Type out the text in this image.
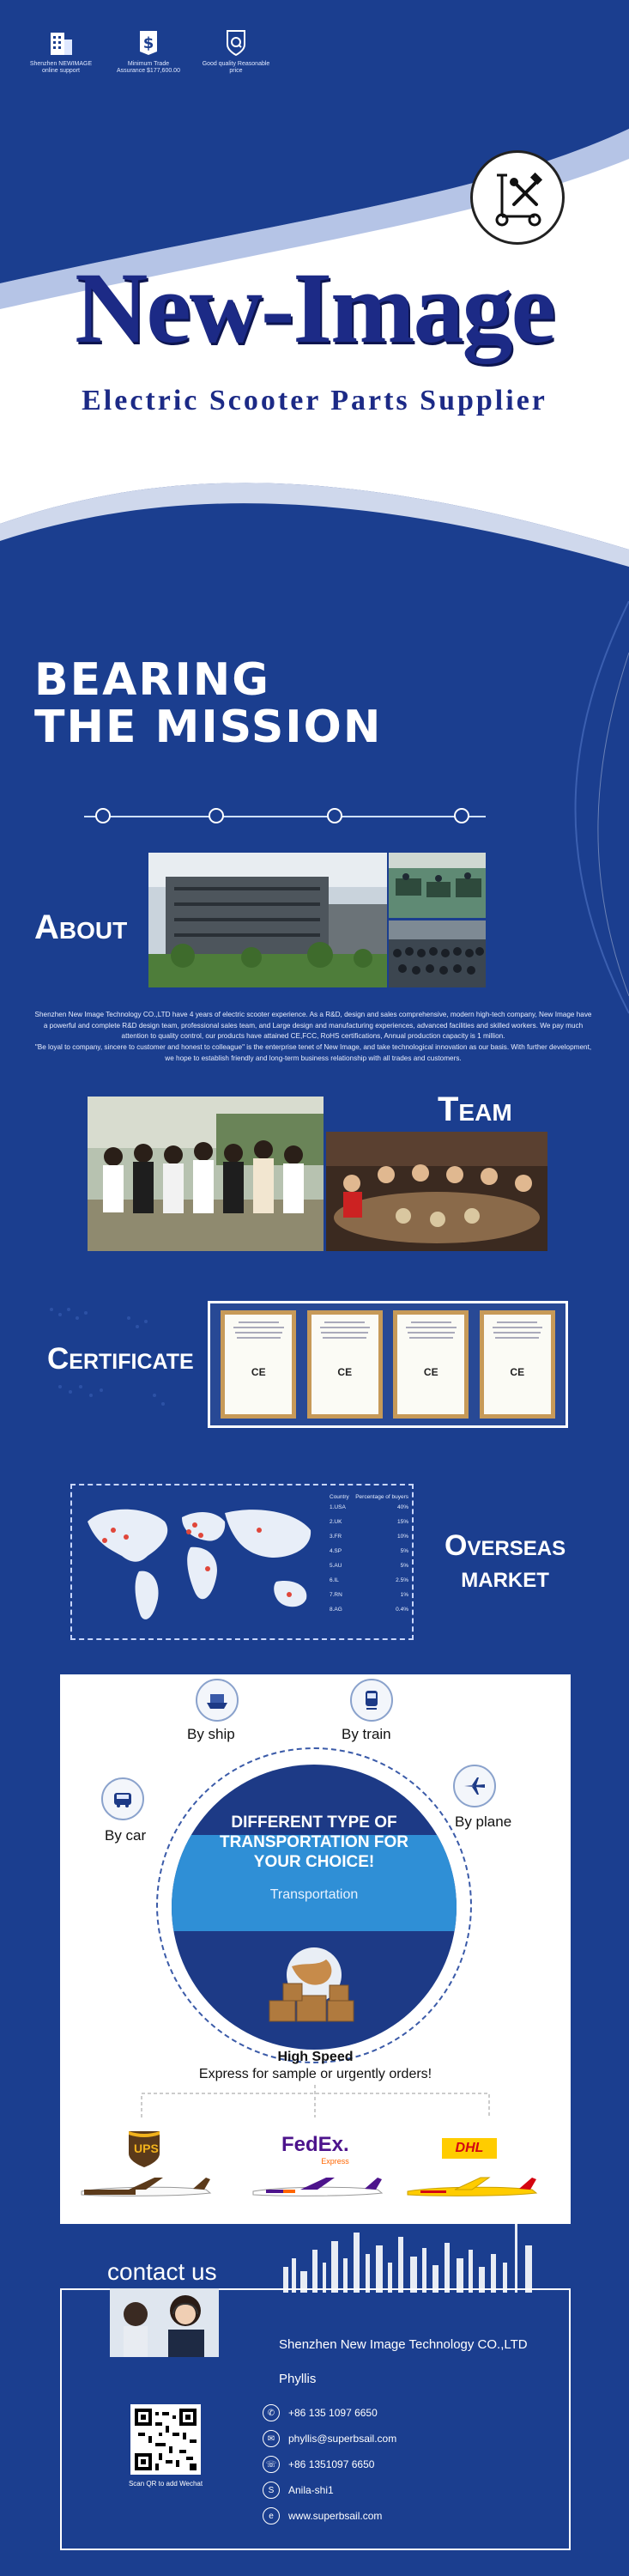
Shenzhen NEWIMAGE online support
$
Minimum Trade Assurance $177,600.00
Good quality Reasonable price
New-Image
Electric Scooter Parts Supplier
BEARING
THE MISSION
About

Shenzhen New Image Technology CO.,LTD have 4 years of electric scooter experience. As a R&D, design and sales comprehensive, modern high-tech company, New Image have a powerful and complete R&D design team, professional sales team, and Large design and manufacturing experiences, advanced facilities and skilled workers. We pay much attention to quality control, our products have attained CE,FCC, RoHS certifications, Annual production capacity is 1 million.

"Be loyal to company, sincere to customer and honest to colleague" is the enterprise tenet of New Image, and take technological innovation as our basis. With further development, we hope to establish friendly and long-term business relationship with all trades and customers.

Team
Certificate	CE	CE	CE	CE
Country Percentage of buyers
1.USA	40%
2.UK	15%
3.FR	10%
4.SP	5%
5.AU	5%
6.IL	2.5%
7.RN	1%
8.AG	0.4%
Overseas
market
By ship	By train
By car
By plane
DIFFERENT TYPE OF
TRANSPORTATION FOR
YOUR CHOICE!
Transportation
High Speed
Express for sample or urgently orders!
UPS	FedEx.
Express
DHL
contact us
Shenzhen New Image Technology CO.,LTD
Phyllis
✆	+86 135 1097 6650
✉	phyllis@superbsail.com
☏	+86 1351097 6650
S	Anila-shi1
e	www.superbsail.com
Scan QR to add Wechat
